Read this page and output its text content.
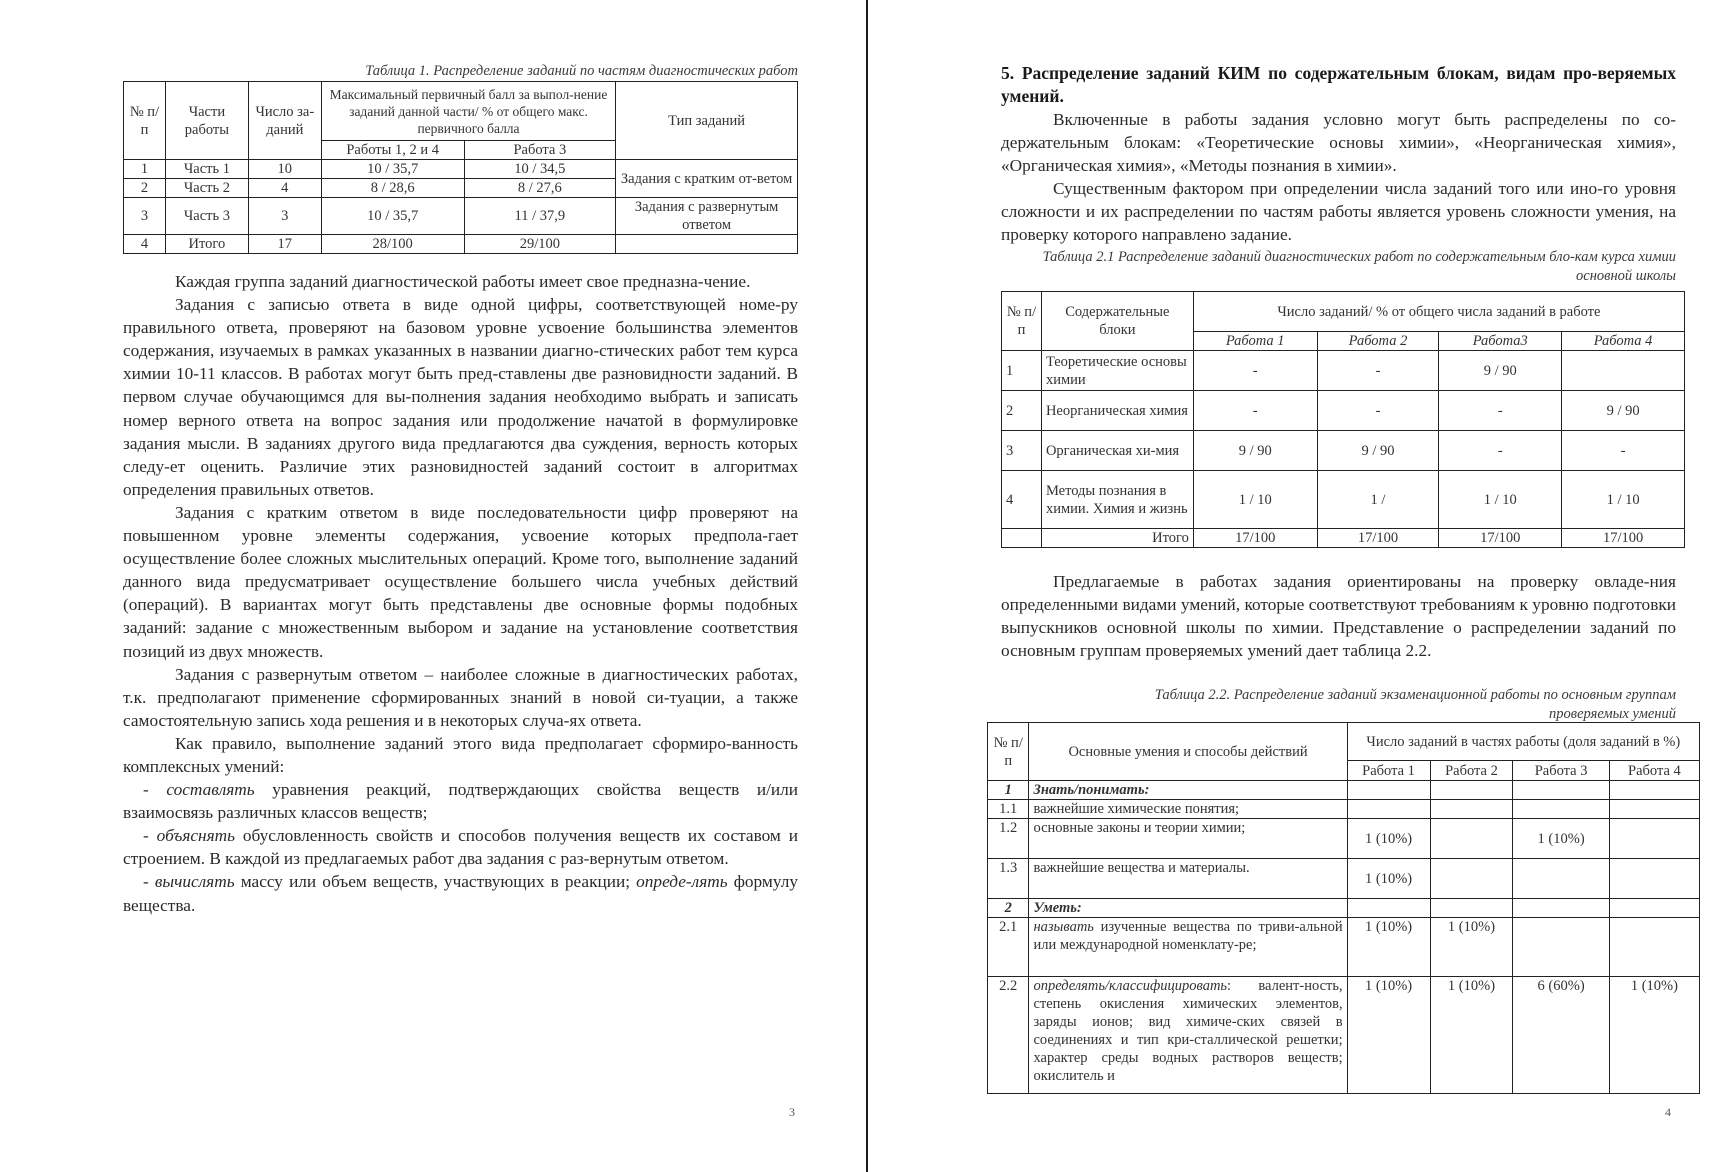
Таблица 1. Распределение заданий по частям диагностических работ
№ п/п	Части работы	Число за-даний	Максимальный первичный балл за выпол-нение заданий данной части/ % от общего макс. первичного балла		Тип заданий
			Работы 1, 2 и 4	Работа 3	
1	Часть 1	10	10 / 35,7	10 / 34,5	Задания с кратким от-ветом
2	Часть 2	4	8 / 28,6	8 / 27,6	
3	Часть 3	3	10 / 35,7	11 / 37,9	Задания с развернутым ответом
4	Итого	17	28/100	29/100	

Каждая группа заданий диагностической работы имеет свое предназна-чение.

Задания с записью ответа в виде одной цифры, соответствующей номе-ру правильного ответа, проверяют на базовом уровне усвоение большинства элементов содержания, изучаемых в рамках указанных в названии диагно-стических работ тем курса химии 10-11 классов. В работах могут быть пред-ставлены две разновидности заданий. В первом случае обучающимся для вы-полнения задания необходимо выбрать и записать номер верного ответа на вопрос задания или продолжение начатой в формулировке задания мысли. В заданиях другого вида предлагаются два суждения, верность которых следу-ет оценить. Различие этих разновидностей заданий состоит в алгоритмах определения правильных ответов.

Задания с кратким ответом в виде последовательности цифр проверяют на повышенном уровне элементы содержания, усвоение которых предпола-гает осуществление более сложных мыслительных операций. Кроме того, выполнение заданий данного вида предусматривает осуществление большего числа учебных действий (операций). В вариантах могут быть представлены две основные формы подобных заданий: задание с множественным выбором и задание на установление соответствия позиций из двух множеств.

Задания с развернутым ответом – наиболее сложные в диагностических работах, т.к. предполагают применение сформированных знаний в новой си-туации, а также самостоятельную запись хода решения и в некоторых случа-ях ответа.

Как правило, выполнение заданий этого вида предполагает сформиро-ванность комплексных умений:

- составлять уравнения реакций, подтверждающих свойства веществ и/или взаимосвязь различных классов веществ;

- объяснять обусловленность свойств и способов получения веществ их составом и строением. В каждой из предлагаемых работ два задания с раз-вернутым ответом.

- вычислять массу или объем веществ, участвующих в реакции; опреде-лять формулу вещества.

3
5. Распределение заданий КИМ по содержательным блокам, видам про-веряемых умений.

Включенные в работы задания условно могут быть распределены по со-держательным блокам: «Теоретические основы химии», «Неорганическая химия», «Органическая химия», «Методы познания в химии».

Существенным фактором при определении числа заданий того или ино-го уровня сложности и их распределении по частям работы является уровень сложности умения, на проверку которого направлено задание.

Таблица 2.1 Распределение заданий диагностических работ по содержательным бло-кам курса химии основной школы
№ п/п	Содержательные блоки	Число заданий/ % от общего числа заданий в работе			
		Работа 1	Работа 2	Работа3	Работа 4
1	Теоретические основы химии	-	-	9 / 90	
2	Неорганическая химия	-	-	-	9 / 90
3	Органическая хи-мия	9 / 90	9 / 90	-	-
4	Методы познания в химии. Химия и жизнь	1 / 10	1 /	1 / 10	1 / 10
	Итого	17/100	17/100	17/100	17/100

Предлагаемые в работах задания ориентированы на проверку овладе-ния определенными видами умений, которые соответствуют требованиям к уровню подготовки выпускников основной школы по химии. Представление о распределении заданий по основным группам проверяемых умений дает таблица 2.2.

Таблица 2.2. Распределение заданий экзаменационной работы по основным группам проверяемых умений
№ п/п	Основные умения и способы действий	Число заданий в частях работы (доля заданий в %)			
		Работа 1	Работа 2	Работа 3	Работа 4
1	Знать/понимать:				
1.1	важнейшие химические понятия;				
1.2	основные законы и теории химии;	1 (10%)		1 (10%)	
1.3	важнейшие вещества и материалы.	1 (10%)			
2	Уметь:				
2.1	называть изученные вещества по триви-альной или международной номенклату-ре;	1 (10%)	1 (10%)		
2.2	определять/классифицировать: валент-ность, степень окисления химических элементов, заряды ионов; вид химиче-ских связей в соединениях и тип кри-сталлической решетки; характер среды водных растворов веществ; окислитель и	1 (10%)	1 (10%)	6 (60%)	1 (10%)
4
